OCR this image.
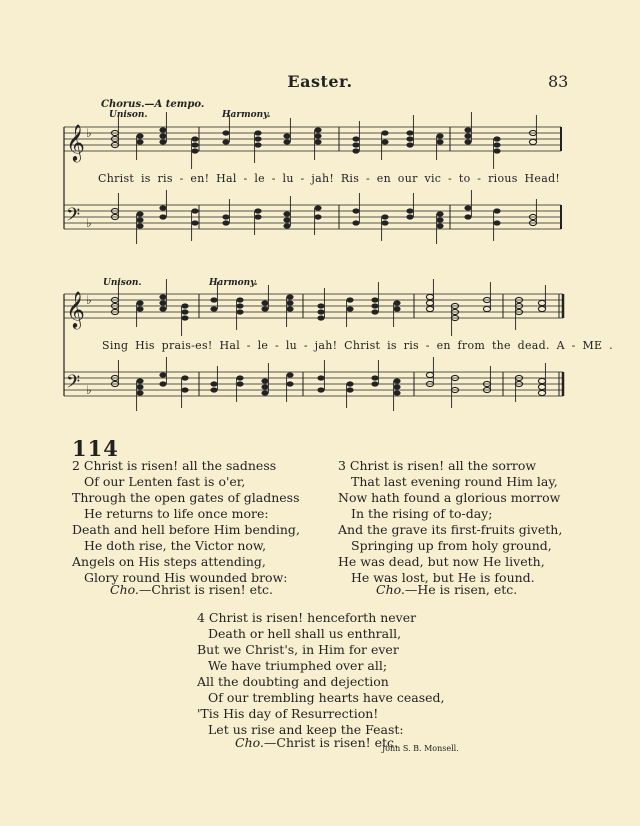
Easter.	83
Chorus.—A tempo.
Unison.	Harmony.
𝄞
𝄢
♭
♭
𝄞
𝄢
♭
♭
Christ is ris - en! Hal - le - lu - jah! Ris - en our vic - to - rious Head!
Unison.	Harmony.
Sing His prais-es! Hal - le - lu - jah! Christ is ris - en from the dead. A - ME .
114
2 Christ is risen! all the sadness
Of our Lenten fast is o'er,
Through the open gates of gladness
He returns to life once more:
Death and hell before Him bending,
He doth rise, the Victor now,
Angels on His steps attending,
Glory round His wounded brow:
Cho.—Christ is risen! etc.
3 Christ is risen! all the sorrow
That last evening round Him lay,
Now hath found a glorious morrow
In the rising of to-day;
And the grave its first-fruits giveth,
Springing up from holy ground,
He was dead, but now He liveth,
He was lost, but He is found.
Cho.—He is risen, etc.
4 Christ is risen! henceforth never
Death or hell shall us enthrall,
But we Christ's, in Him for ever
We have triumphed over all;
All the doubting and dejection
Of our trembling hearts have ceased,
'Tis His day of Resurrection!
Let us rise and keep the Feast:
Cho.—Christ is risen! etc.
John S. B. Monsell.
